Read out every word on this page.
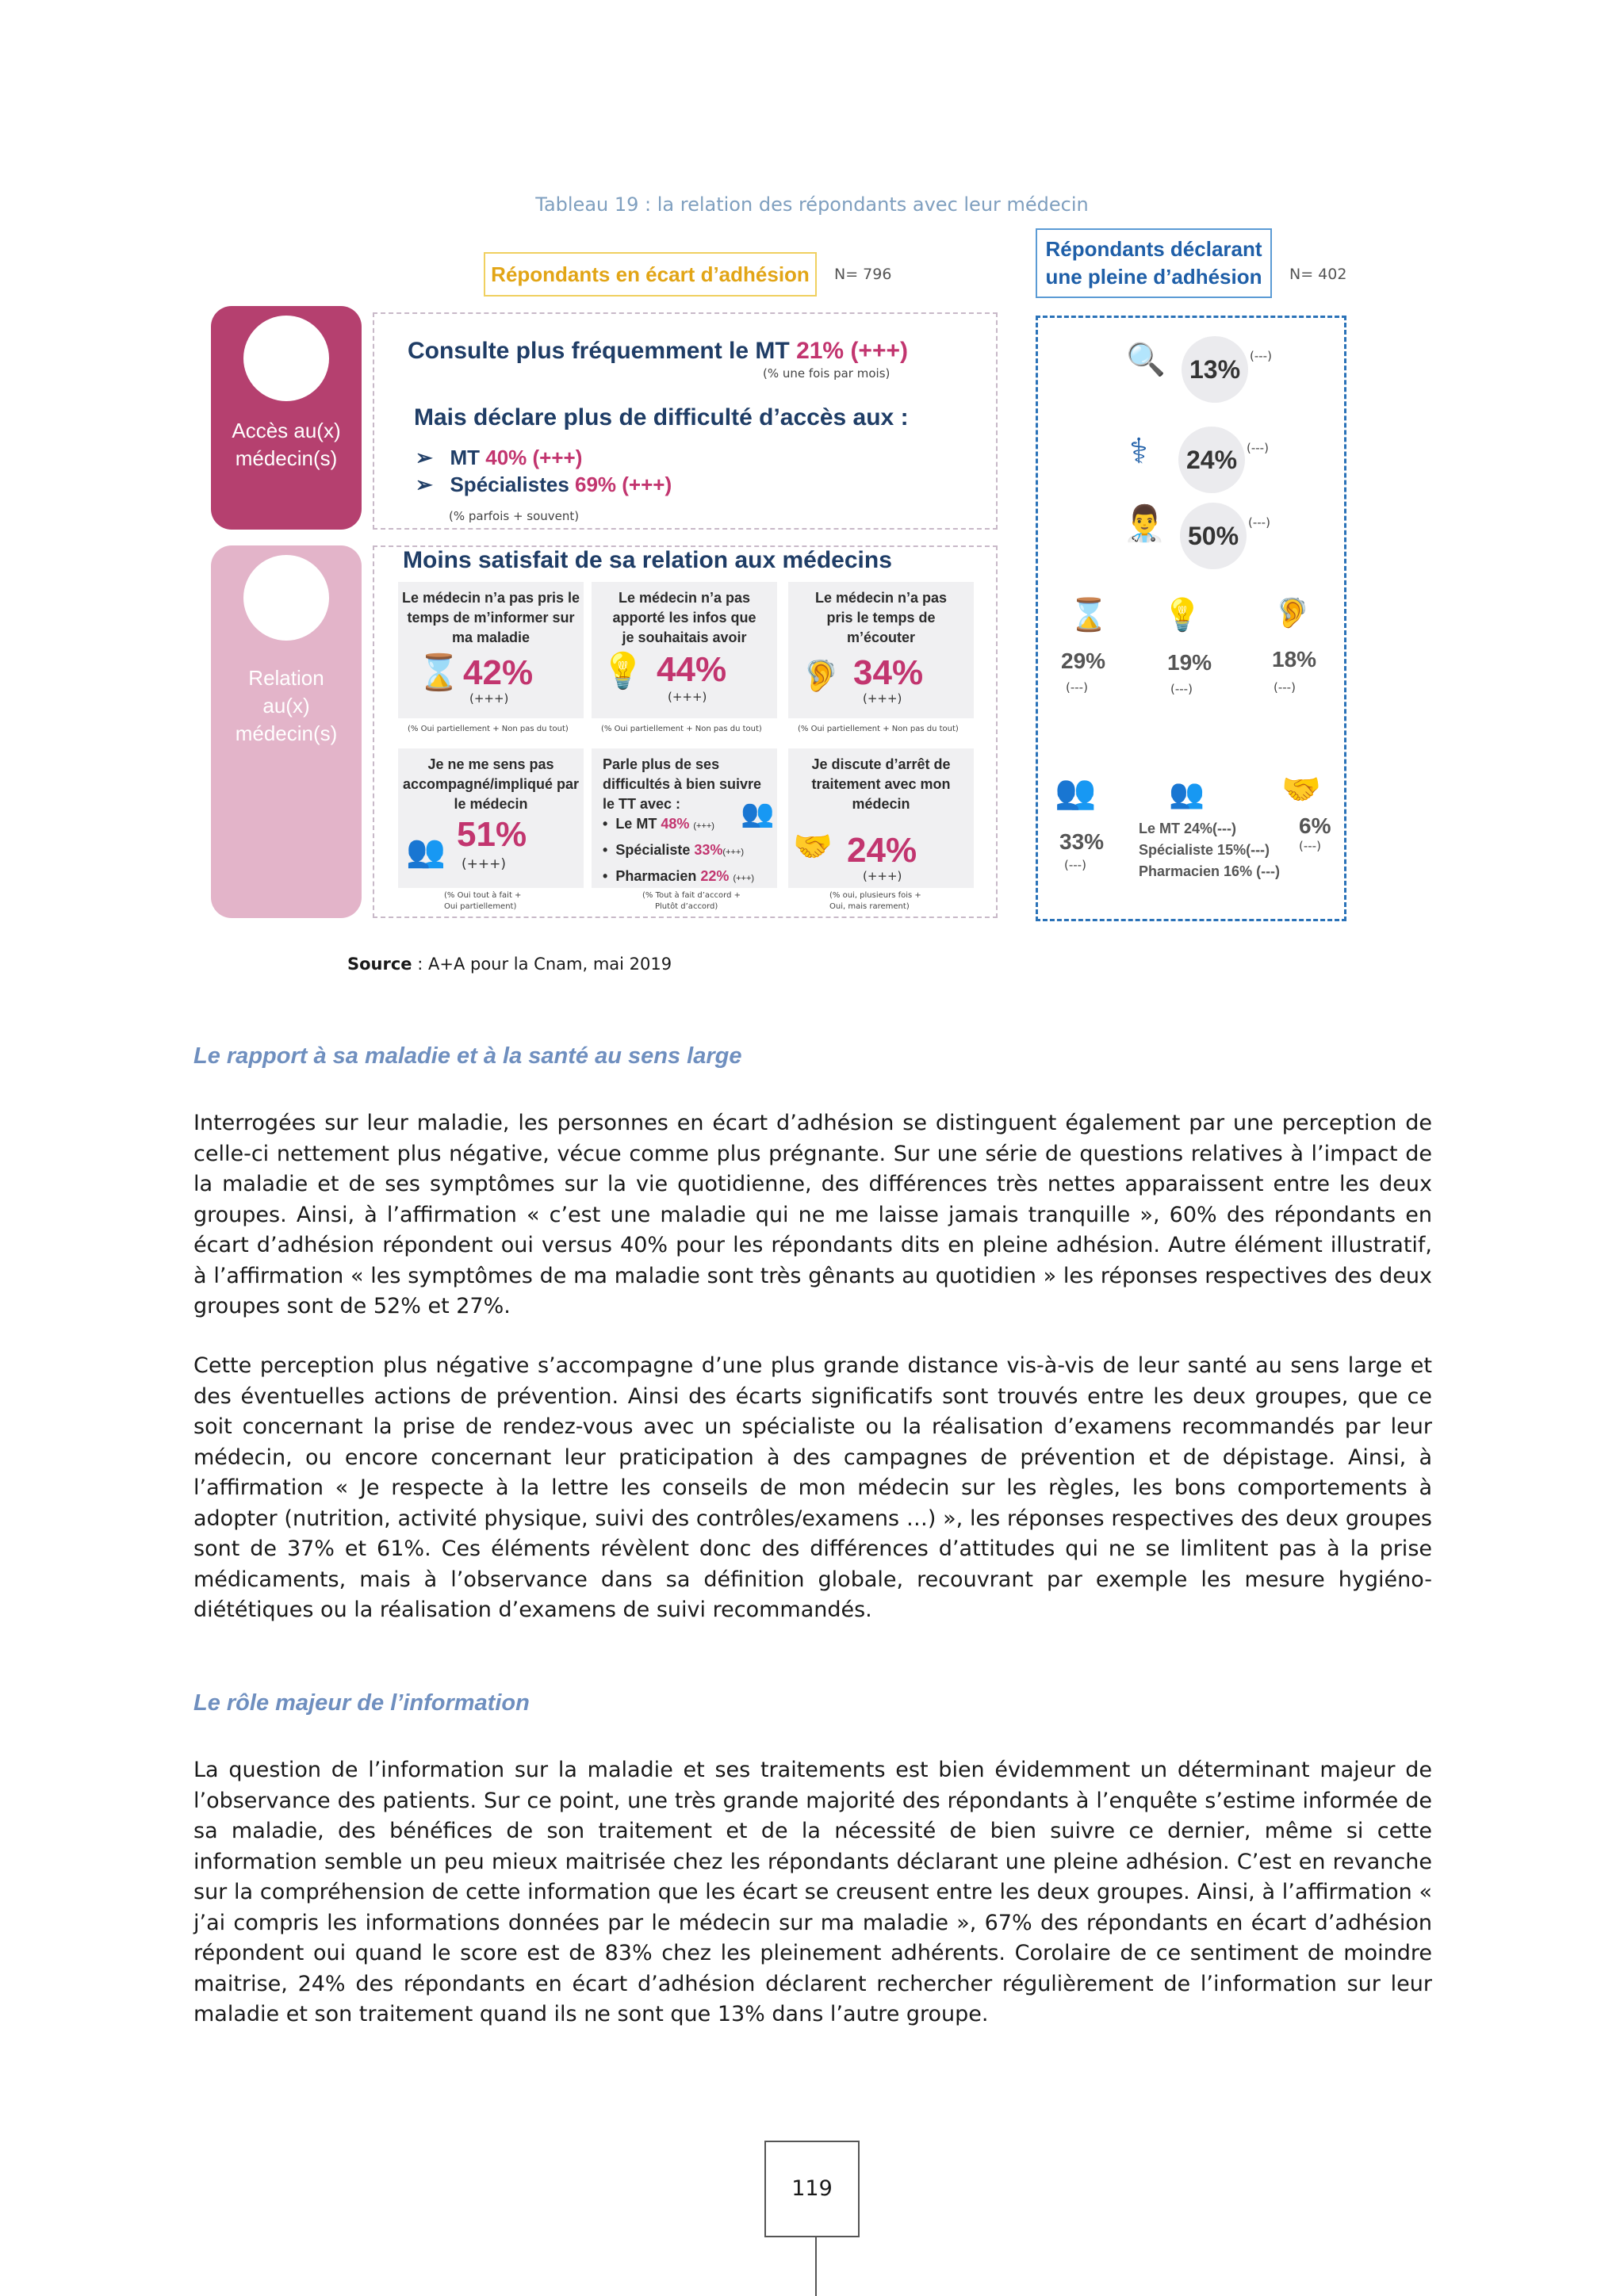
Tableau 19 : la relation des répondants avec leur médecin
Répondants en écart d’adhésion	N= 796
Répondants déclarant
une pleine d’adhésion	N= 402
Accès au(x)
médecin(s)
Relation
au(x)
médecin(s)
Consulte plus fréquemment le MT 21% (+++)
(% une fois par mois)
Mais déclare plus de difficulté d’accès aux :
➢   MT 40% (+++)
➢   Spécialistes 69% (+++)
(% parfois + souvent)
Moins satisfait de sa relation aux médecins
Le médecin n’a pas pris le
temps de m’informer sur
ma maladie
⌛ 42%
(+++)
(% Oui partiellement + Non pas du tout)
Le médecin n’a pas
apporté les infos que
je souhaitais avoir
💡 44%
(+++)
(% Oui partiellement + Non pas du tout)
Le médecin n’a pas
pris le temps de
m’écouter
🦻 34%
(+++)
(% Oui partiellement + Non pas du tout)
Je ne me sens pas
accompagné/impliqué par
le médecin
👥 51%
(+++)
(% Oui tout à fait +
Oui partiellement)
Parle plus de ses
difficultés à bien suivre
le TT avec :	👥
•  Le MT 48% (+++)
•  Spécialiste 33%(+++)
•  Pharmacien 22% (+++)
(% Tout à fait d’accord +
Plutôt d’accord)
Je discute d’arrêt de
traitement avec mon
médecin
🤝 24%
(+++)
(% oui, plusieurs fois +
Oui, mais rarement)
🔍 13% (---)
⚕	24% (---)
👨‍⚕ 50% (---)
⌛
29%
(---)
💡
19%
(---)
🦻
18%
(---)
👥
33%
(---)
👥
Le MT 24%(---)
Spécialiste 15%(---)
Pharmacien 16% (---)
🤝
6%
(---)
Source : A+A pour la Cnam, mai 2019
Le rapport à sa maladie et à la santé au sens large
Interrogées sur leur maladie, les personnes en écart d’adhésion se distinguent également par une perception de celle-ci nettement plus négative, vécue comme plus prégnante. Sur une série de questions relatives à l’impact de la maladie et de ses symptômes sur la vie quotidienne, des différences très nettes apparaissent entre les deux groupes. Ainsi, à l’affirmation « c’est une maladie qui ne me laisse jamais tranquille », 60% des répondants en écart d’adhésion répondent oui versus 40% pour les répondants dits en pleine adhésion. Autre élément illustratif, à l’affirmation « les symptômes de ma maladie sont très gênants au quotidien » les réponses respectives des deux groupes sont de 52% et 27%.
Cette perception plus négative s’accompagne d’une plus grande distance vis-à-vis de leur santé au sens large et des éventuelles actions de prévention. Ainsi des écarts significatifs sont trouvés entre les deux groupes, que ce soit concernant la prise de rendez-vous avec un spécialiste ou la réalisation d’examens recommandés par leur médecin, ou encore concernant leur praticipation à des campagnes de prévention et de dépistage. Ainsi, à l’affirmation « Je respecte à la lettre les conseils de mon médecin sur les règles, les bons comportements à adopter (nutrition, activité physique, suivi des contrôles/examens …) », les réponses respectives des deux groupes sont de 37% et 61%. Ces éléments révèlent donc des différences d’attitudes qui ne se limlitent pas à la prise médicaments, mais à l’observance dans sa définition globale, recouvrant par exemple les mesure hygiéno-diététiques ou la réalisation d’examens de suivi recommandés.
Le rôle majeur de l’information
La question de l’information sur la maladie et ses traitements est bien évidemment un déterminant majeur de l’observance des patients. Sur ce point, une très grande majorité des répondants à l’enquête s’estime informée de sa maladie, des bénéfices de son traitement et de la nécessité de bien suivre ce dernier, même si cette information semble un peu mieux maitrisée chez les répondants déclarant une pleine adhésion. C’est en revanche sur la compréhension de cette information que les écart se creusent entre les deux groupes. Ainsi, à l’affirmation « j’ai compris les informations données par le médecin sur ma maladie », 67% des répondants en écart d’adhésion répondent oui quand le score est de 83% chez les pleinement adhérents. Corolaire de ce sentiment de moindre maitrise, 24% des répondants en écart d’adhésion déclarent rechercher régulièrement de l’information sur leur maladie et son traitement quand ils ne sont que 13% dans l’autre groupe.
119
